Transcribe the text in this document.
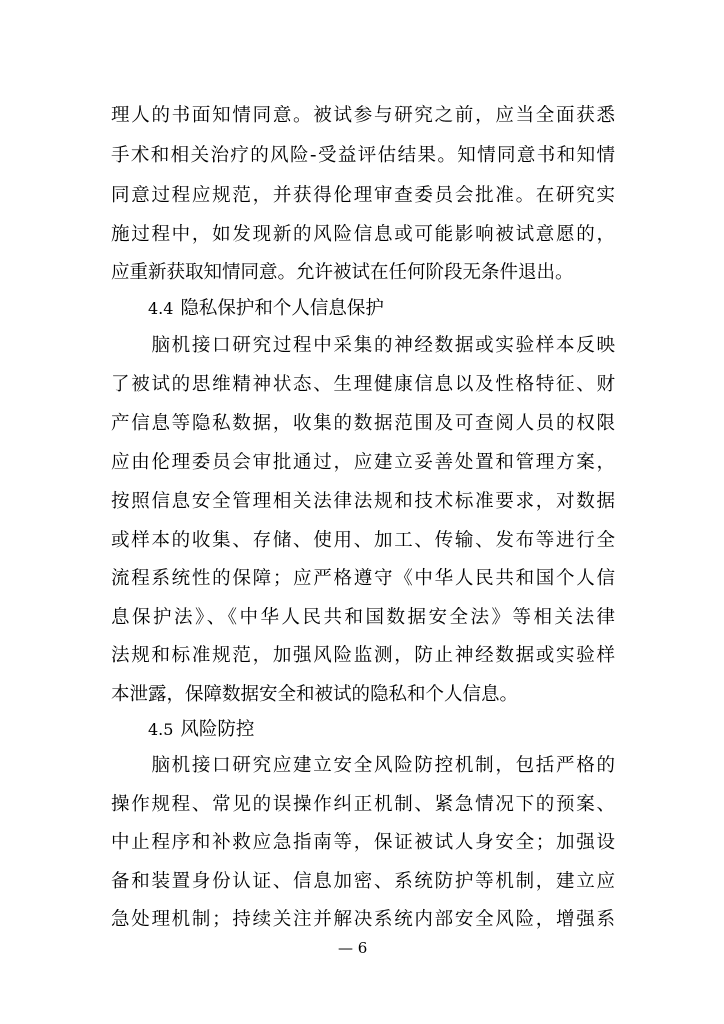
理人的书面知情同意。被试参与研究之前，应当全面获悉
手术和相关治疗的风险-受益评估结果。知情同意书和知情
同意过程应规范，并获得伦理审查委员会批准。在研究实
施过程中，如发现新的风险信息或可能影响被试意愿的，
应重新获取知情同意。允许被试在任何阶段无条件退出。
4.4 隐私保护和个人信息保护
　　脑机接口研究过程中采集的神经数据或实验样本反映
了被试的思维精神状态、生理健康信息以及性格特征、财
产信息等隐私数据，收集的数据范围及可查阅人员的权限
应由伦理委员会审批通过，应建立妥善处置和管理方案，
按照信息安全管理相关法律法规和技术标准要求，对数据
或样本的收集、存储、使用、加工、传输、发布等进行全
流程系统性的保障；应严格遵守《中华人民共和国个人信
息保护法》、《中华人民共和国数据安全法》等相关法律
法规和标准规范，加强风险监测，防止神经数据或实验样
本泄露，保障数据安全和被试的隐私和个人信息。
4.5 风险防控
　　脑机接口研究应建立安全风险防控机制，包括严格的
操作规程、常见的误操作纠正机制、紧急情况下的预案、
中止程序和补救应急指南等，保证被试人身安全；加强设
备和装置身份认证、信息加密、系统防护等机制，建立应
急处理机制；持续关注并解决系统内部安全风险，增强系
— 6
